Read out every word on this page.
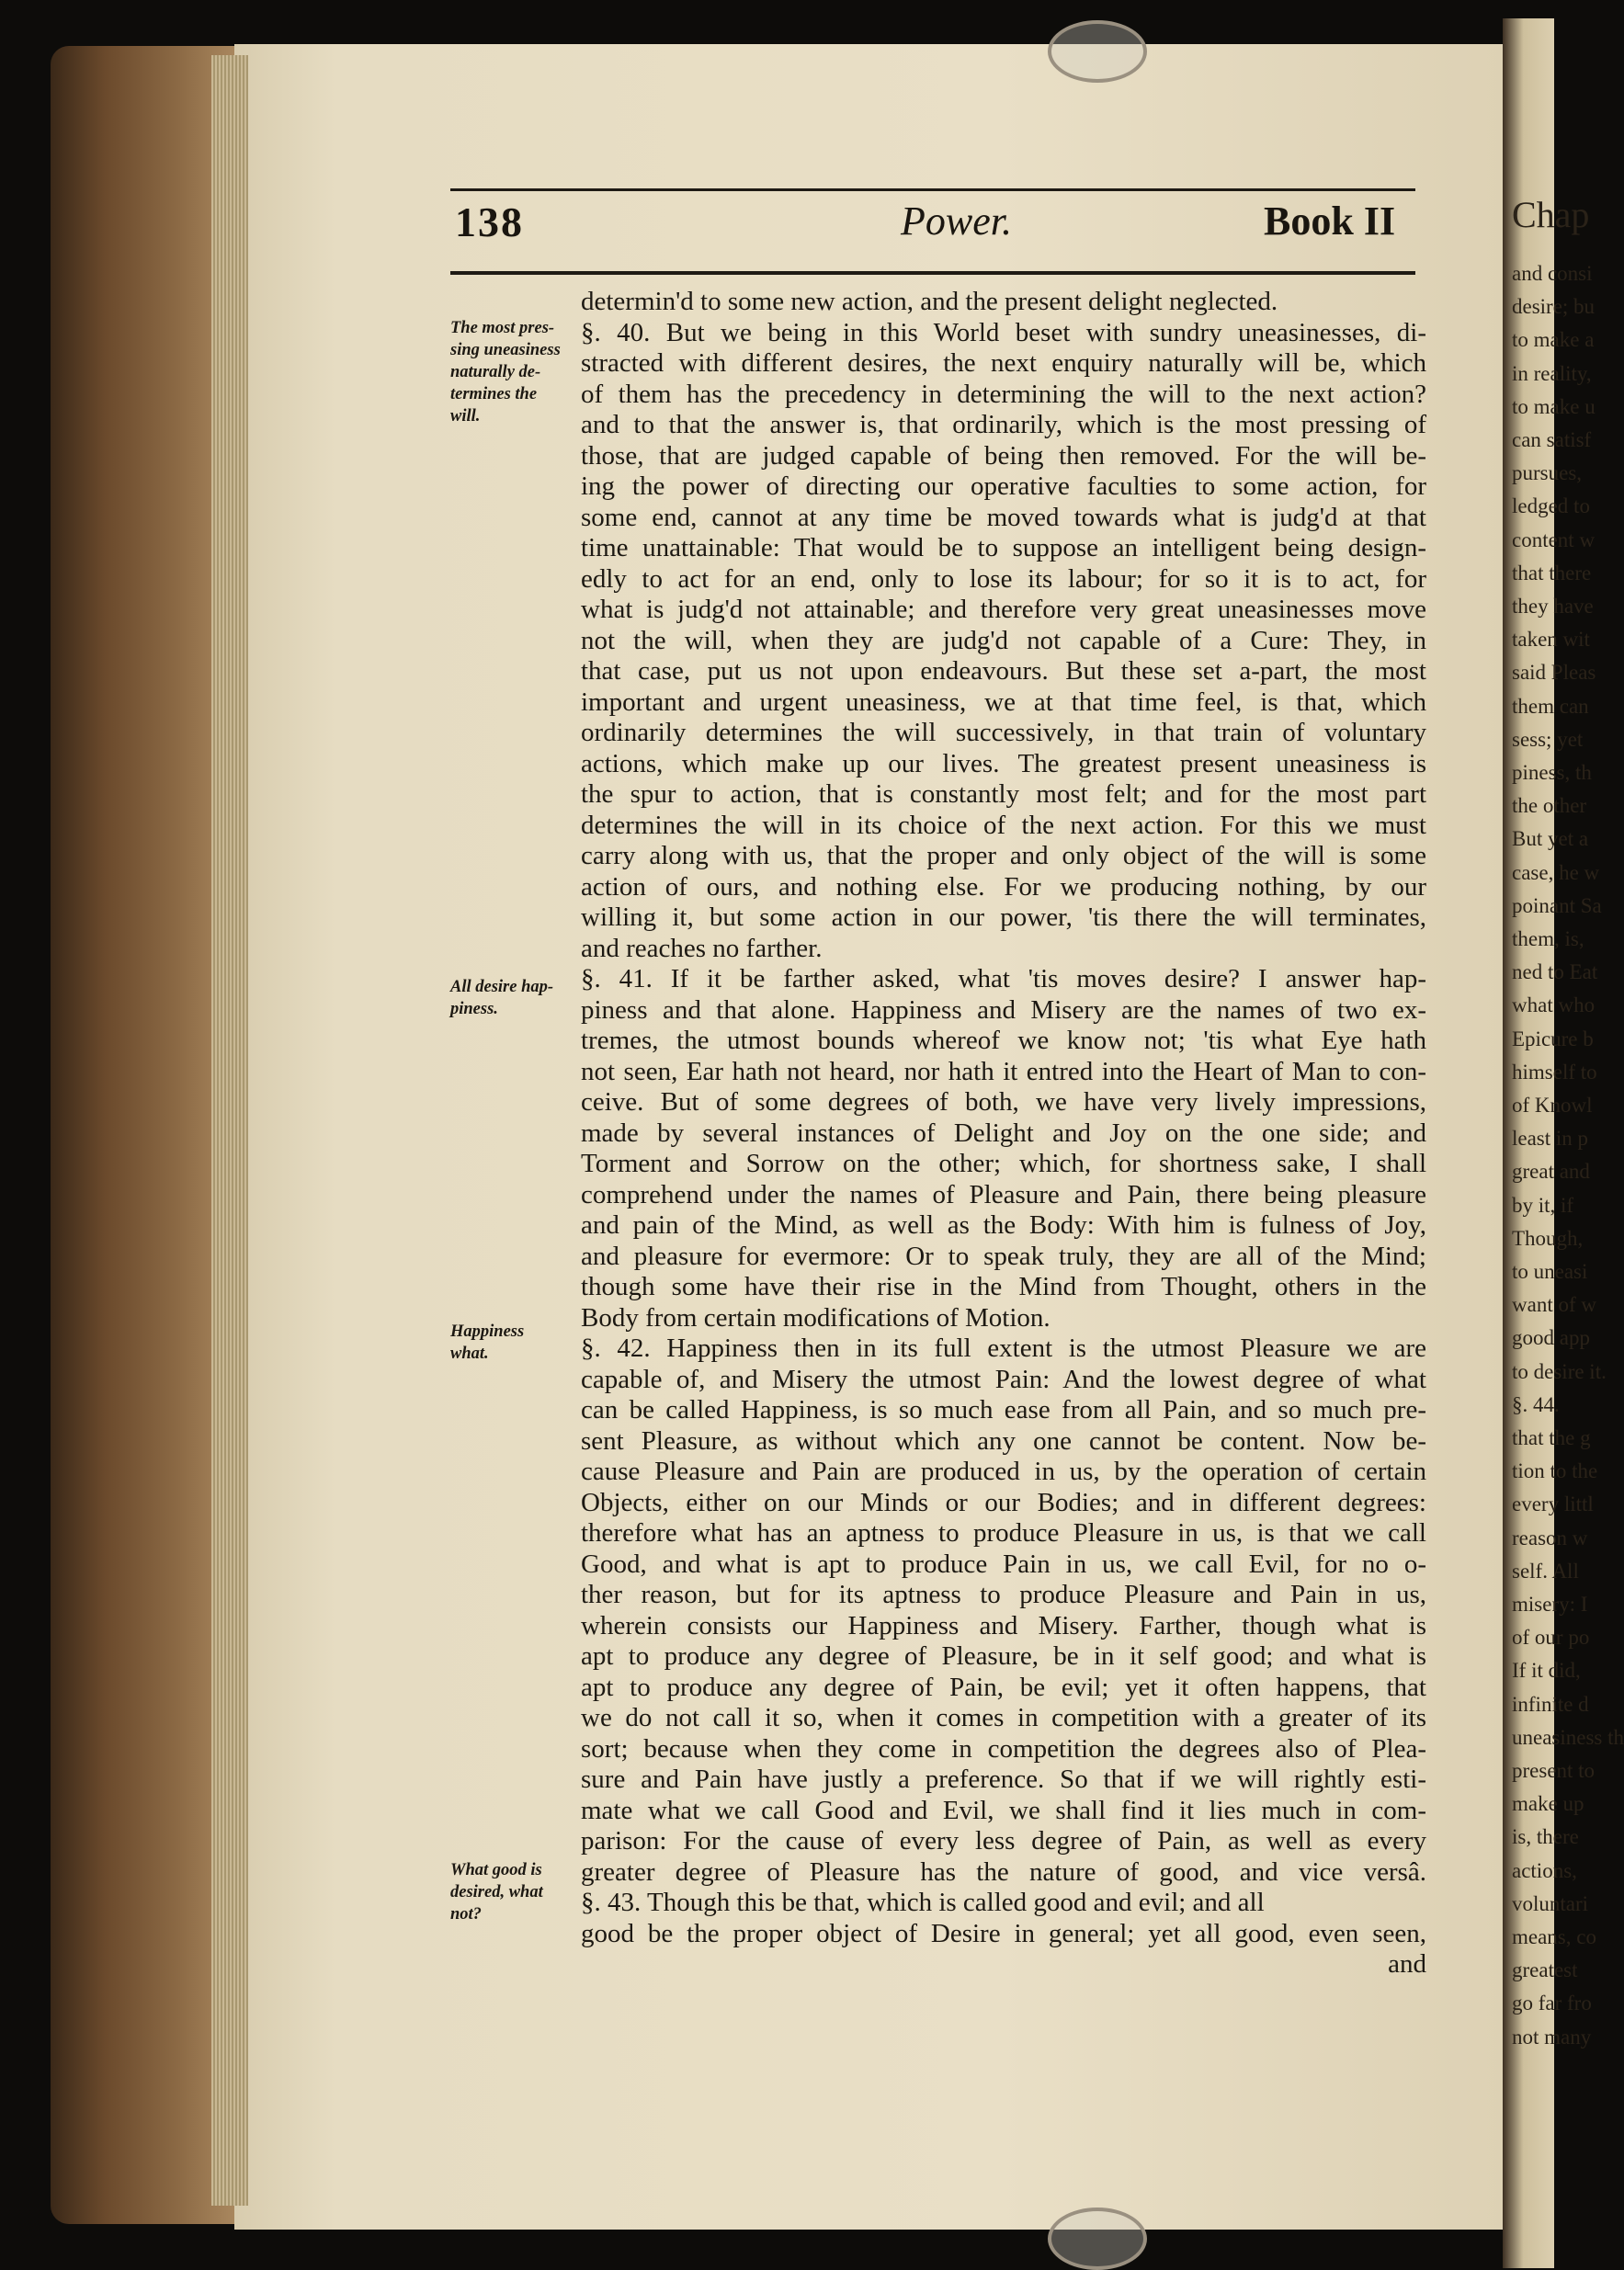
Chap
and consi
desire; bu
to make a
in reality,
to make u
can satisf
pursues,
ledged to
content w
that there
they have
taken wit
said Pleas
them can
sess; yet
piness, th
the other
But yet a
case, he w
poinant Sa
them, is,
ned to Eat
what who
Epicure b
himself to
of Knowl
least in p
great and
by it, if
Though,
to uneasi
want of w
good app
to desire it.
§. 44.
that the g
tion to the
every littl
reason w
self. All
misery: I
of our po
If it did,
infinite d
uneasiness th
present to
make up
is, there
actions,
voluntari
means, co
greatest
go far fro
not many
138	Power.	Book II
The most pres-
sing uneasiness
naturally de-
termines the
will.
All desire hap-
piness.
Happiness
what.
What good is
desired, what
not?
determin'd to some new action, and the present delight neglected.
§. 40. But we being in this World beset with sundry uneasinesses, di-
stracted with different desires, the next enquiry naturally will be, which
of them has the precedency in determining the will to the next action?
and to that the answer is, that ordinarily, which is the most pressing of
those, that are judged capable of being then removed. For the will be-
ing the power of directing our operative faculties to some action, for
some end, cannot at any time be moved towards what is judg'd at that
time unattainable: That would be to suppose an intelligent being design-
edly to act for an end, only to lose its labour; for so it is to act, for
what is judg'd not attainable; and therefore very great uneasinesses move
not the will, when they are judg'd not capable of a Cure: They, in
that case, put us not upon endeavours. But these set a-part, the most
important and urgent uneasiness, we at that time feel, is that, which
ordinarily determines the will successively, in that train of voluntary
actions, which make up our lives. The greatest present uneasiness is
the spur to action, that is constantly most felt; and for the most part
determines the will in its choice of the next action. For this we must
carry along with us, that the proper and only object of the will is some
action of ours, and nothing else. For we producing nothing, by our
willing it, but some action in our power, 'tis there the will terminates,
and reaches no farther.
§. 41. If it be farther asked, what 'tis moves desire? I answer hap-
piness and that alone. Happiness and Misery are the names of two ex-
tremes, the utmost bounds whereof we know not; 'tis what Eye hath
not seen, Ear hath not heard, nor hath it entred into the Heart of Man to con-
ceive. But of some degrees of both, we have very lively impressions,
made by several instances of Delight and Joy on the one side; and
Torment and Sorrow on the other; which, for shortness sake, I shall
comprehend under the names of Pleasure and Pain, there being pleasure
and pain of the Mind, as well as the Body: With him is fulness of Joy,
and pleasure for evermore: Or to speak truly, they are all of the Mind;
though some have their rise in the Mind from Thought, others in the
Body from certain modifications of Motion.
§. 42. Happiness then in its full extent is the utmost Pleasure we are
capable of, and Misery the utmost Pain: And the lowest degree of what
can be called Happiness, is so much ease from all Pain, and so much pre-
sent Pleasure, as without which any one cannot be content. Now be-
cause Pleasure and Pain are produced in us, by the operation of certain
Objects, either on our Minds or our Bodies; and in different degrees:
therefore what has an aptness to produce Pleasure in us, is that we call
Good, and what is apt to produce Pain in us, we call Evil, for no o-
ther reason, but for its aptness to produce Pleasure and Pain in us,
wherein consists our Happiness and Misery. Farther, though what is
apt to produce any degree of Pleasure, be in it self good; and what is
apt to produce any degree of Pain, be evil; yet it often happens, that
we do not call it so, when it comes in competition with a greater of its
sort; because when they come in competition the degrees also of Plea-
sure and Pain have justly a preference. So that if we will rightly esti-
mate what we call Good and Evil, we shall find it lies much in com-
parison: For the cause of every less degree of Pain, as well as every
greater degree of Pleasure has the nature of good, and vice versâ.
§. 43. Though this be that, which is called good and evil; and all
good be the proper object of Desire in general; yet all good, even seen,
and
